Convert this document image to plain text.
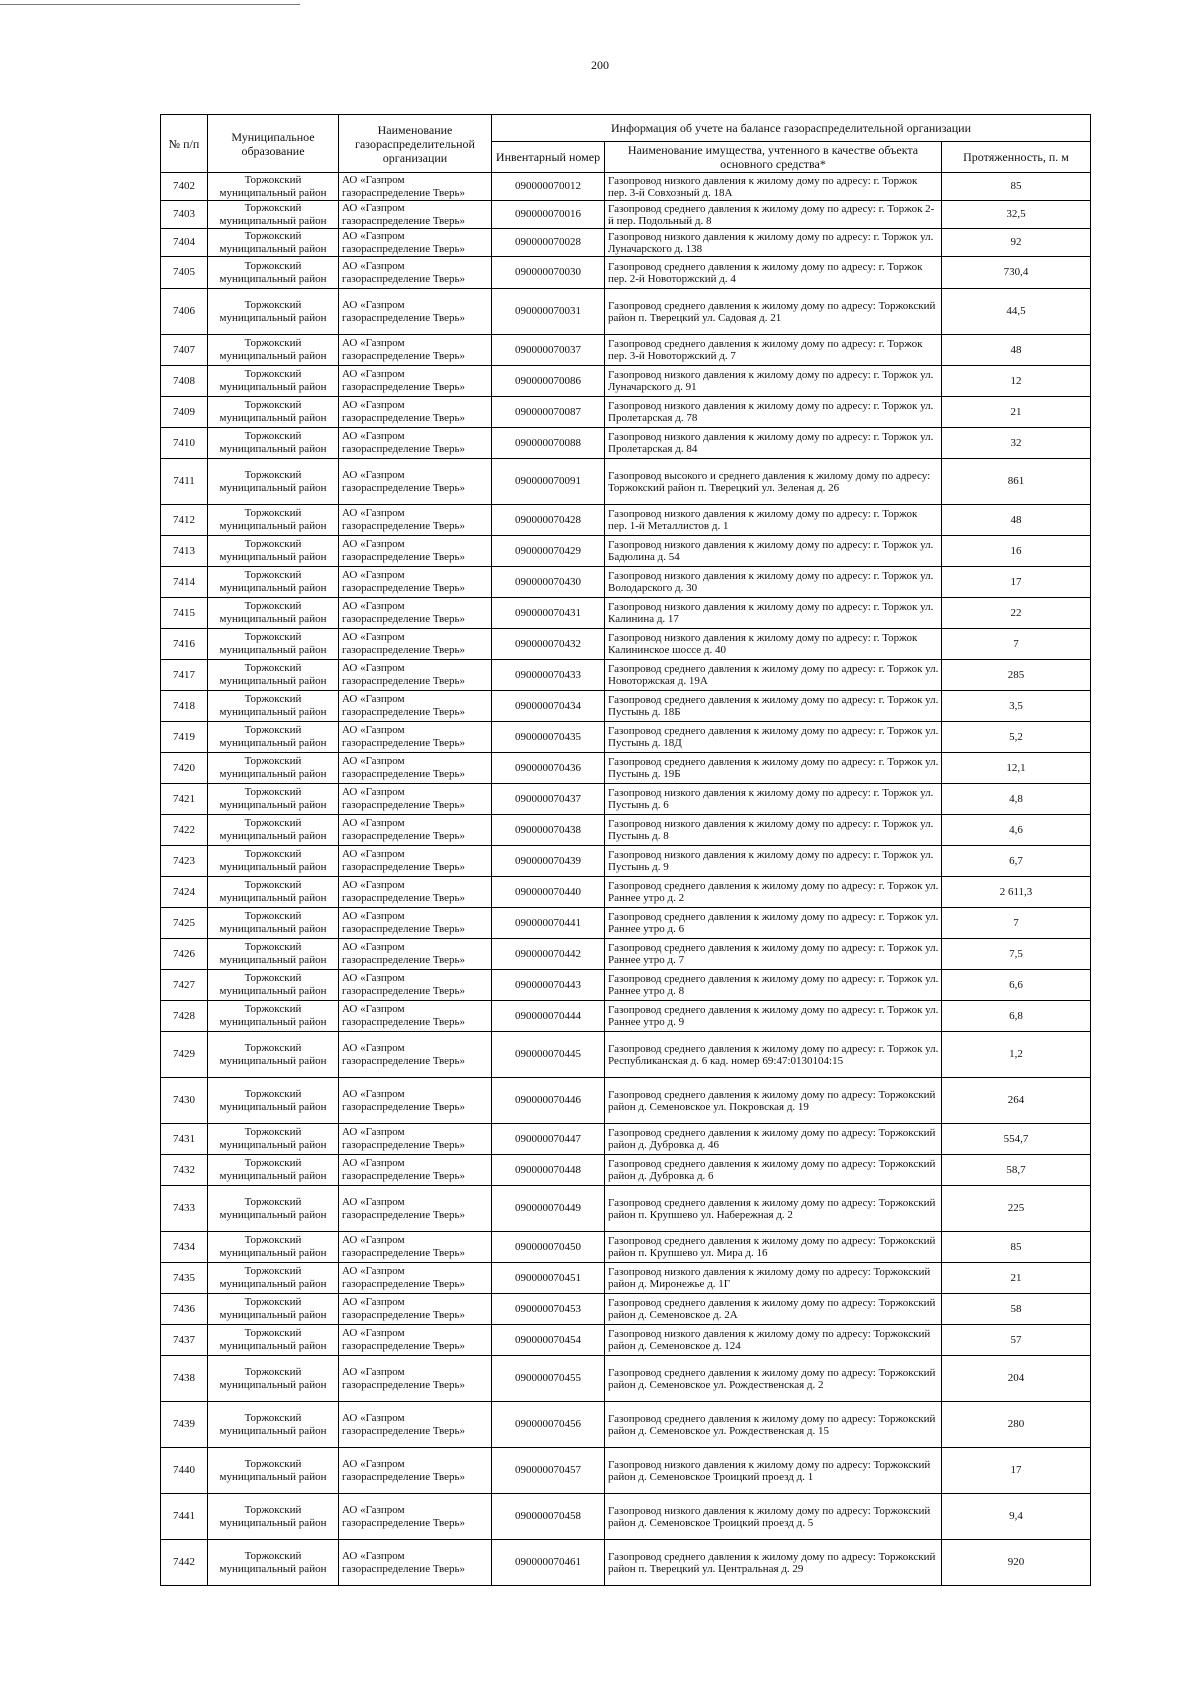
200
№ п/п	Муниципальное образование	Наименование газораспределительной организации	Информация об учете на балансе газораспределительной организации		
			Инвентарный номер	Наименование имущества, учтенного в качестве объекта основного средства*	Протяженность, п. м
7402	Торжокский муниципальный район	АО «Газпром газораспределение Тверь»	090000070012	Газопровод низкого давления к жилому дому по адресу: г. Торжок пер. 3-й Совхозный д. 18А	85
7403	Торжокский муниципальный район	АО «Газпром газораспределение Тверь»	090000070016	Газопровод среднего давления к жилому дому по адресу: г. Торжок 2-й пер. Подольный д. 8	32,5
7404	Торжокский муниципальный район	АО «Газпром газораспределение Тверь»	090000070028	Газопровод низкого давления к жилому дому по адресу: г. Торжок ул. Луначарского д. 138	92
7405	Торжокский муниципальный район	АО «Газпром газораспределение Тверь»	090000070030	Газопровод среднего давления к жилому дому по адресу: г. Торжок пер. 2-й Новоторжский д. 4	730,4
7406	Торжокский муниципальный район	АО «Газпром газораспределение Тверь»	090000070031	Газопровод среднего давления к жилому дому по адресу: Торжокский район п. Тверецкий ул. Садовая д. 21	44,5
7407	Торжокский муниципальный район	АО «Газпром газораспределение Тверь»	090000070037	Газопровод среднего давления к жилому дому по адресу: г. Торжок пер. 3-й Новоторжский д. 7	48
7408	Торжокский муниципальный район	АО «Газпром газораспределение Тверь»	090000070086	Газопровод низкого давления к жилому дому по адресу: г. Торжок ул. Луначарского д. 91	12
7409	Торжокский муниципальный район	АО «Газпром газораспределение Тверь»	090000070087	Газопровод низкого давления к жилому дому по адресу: г. Торжок ул. Пролетарская д. 78	21
7410	Торжокский муниципальный район	АО «Газпром газораспределение Тверь»	090000070088	Газопровод низкого давления к жилому дому по адресу: г. Торжок ул. Пролетарская д. 84	32
7411	Торжокский муниципальный район	АО «Газпром газораспределение Тверь»	090000070091	Газопровод высокого и среднего давления к жилому дому по адресу: Торжокский район п. Тверецкий ул. Зеленая д. 26	861
7412	Торжокский муниципальный район	АО «Газпром газораспределение Тверь»	090000070428	Газопровод низкого давления к жилому дому по адресу: г. Торжок пер. 1-й Металлистов д. 1	48
7413	Торжокский муниципальный район	АО «Газпром газораспределение Тверь»	090000070429	Газопровод низкого давления к жилому дому по адресу: г. Торжок ул. Бадюлина д. 54	16
7414	Торжокский муниципальный район	АО «Газпром газораспределение Тверь»	090000070430	Газопровод низкого давления к жилому дому по адресу: г. Торжок ул. Володарского д. 30	17
7415	Торжокский муниципальный район	АО «Газпром газораспределение Тверь»	090000070431	Газопровод низкого давления к жилому дому по адресу: г. Торжок ул. Калинина д. 17	22
7416	Торжокский муниципальный район	АО «Газпром газораспределение Тверь»	090000070432	Газопровод низкого давления к жилому дому по адресу: г. Торжок Калининское шоссе д. 40	7
7417	Торжокский муниципальный район	АО «Газпром газораспределение Тверь»	090000070433	Газопровод среднего давления к жилому дому по адресу: г. Торжок ул. Новоторжская д. 19А	285
7418	Торжокский муниципальный район	АО «Газпром газораспределение Тверь»	090000070434	Газопровод среднего давления к жилому дому по адресу: г. Торжок ул. Пустынь д. 18Б	3,5
7419	Торжокский муниципальный район	АО «Газпром газораспределение Тверь»	090000070435	Газопровод среднего давления к жилому дому по адресу: г. Торжок ул. Пустынь д. 18Д	5,2
7420	Торжокский муниципальный район	АО «Газпром газораспределение Тверь»	090000070436	Газопровод среднего давления к жилому дому по адресу: г. Торжок ул. Пустынь д. 19Б	12,1
7421	Торжокский муниципальный район	АО «Газпром газораспределение Тверь»	090000070437	Газопровод низкого давления к жилому дому по адресу: г. Торжок ул. Пустынь д. 6	4,8
7422	Торжокский муниципальный район	АО «Газпром газораспределение Тверь»	090000070438	Газопровод низкого давления к жилому дому по адресу: г. Торжок ул. Пустынь д. 8	4,6
7423	Торжокский муниципальный район	АО «Газпром газораспределение Тверь»	090000070439	Газопровод низкого давления к жилому дому по адресу: г. Торжок ул. Пустынь д. 9	6,7
7424	Торжокский муниципальный район	АО «Газпром газораспределение Тверь»	090000070440	Газопровод среднего давления к жилому дому по адресу: г. Торжок ул. Раннее утро д. 2	2 611,3
7425	Торжокский муниципальный район	АО «Газпром газораспределение Тверь»	090000070441	Газопровод среднего давления к жилому дому по адресу: г. Торжок ул. Раннее утро д. 6	7
7426	Торжокский муниципальный район	АО «Газпром газораспределение Тверь»	090000070442	Газопровод среднего давления к жилому дому по адресу: г. Торжок ул. Раннее утро д. 7	7,5
7427	Торжокский муниципальный район	АО «Газпром газораспределение Тверь»	090000070443	Газопровод среднего давления к жилому дому по адресу: г. Торжок ул. Раннее утро д. 8	6,6
7428	Торжокский муниципальный район	АО «Газпром газораспределение Тверь»	090000070444	Газопровод среднего давления к жилому дому по адресу: г. Торжок ул. Раннее утро д. 9	6,8
7429	Торжокский муниципальный район	АО «Газпром газораспределение Тверь»	090000070445	Газопровод среднего давления к жилому дому по адресу: г. Торжок ул. Республиканская д. 6 кад. номер 69:47:0130104:15	1,2
7430	Торжокский муниципальный район	АО «Газпром газораспределение Тверь»	090000070446	Газопровод среднего давления к жилому дому по адресу: Торжокский район д. Семеновское ул. Покровская д. 19	264
7431	Торжокский муниципальный район	АО «Газпром газораспределение Тверь»	090000070447	Газопровод среднего давления к жилому дому по адресу: Торжокский район д. Дубровка д. 46	554,7
7432	Торжокский муниципальный район	АО «Газпром газораспределение Тверь»	090000070448	Газопровод среднего давления к жилому дому по адресу: Торжокский район д. Дубровка д. 6	58,7
7433	Торжокский муниципальный район	АО «Газпром газораспределение Тверь»	090000070449	Газопровод среднего давления к жилому дому по адресу: Торжокский район п. Крупшево ул. Набережная д. 2	225
7434	Торжокский муниципальный район	АО «Газпром газораспределение Тверь»	090000070450	Газопровод среднего давления к жилому дому по адресу: Торжокский район п. Крупшево ул. Мира д. 16	85
7435	Торжокский муниципальный район	АО «Газпром газораспределение Тверь»	090000070451	Газопровод низкого давления к жилому дому по адресу: Торжокский район д. Миронежье д. 1Г	21
7436	Торжокский муниципальный район	АО «Газпром газораспределение Тверь»	090000070453	Газопровод среднего давления к жилому дому по адресу: Торжокский район д. Семеновское д. 2А	58
7437	Торжокский муниципальный район	АО «Газпром газораспределение Тверь»	090000070454	Газопровод низкого давления к жилому дому по адресу: Торжокский район д. Семеновское д. 124	57
7438	Торжокский муниципальный район	АО «Газпром газораспределение Тверь»	090000070455	Газопровод среднего давления к жилому дому по адресу: Торжокский район д. Семеновское ул. Рождественская д. 2	204
7439	Торжокский муниципальный район	АО «Газпром газораспределение Тверь»	090000070456	Газопровод среднего давления к жилому дому по адресу: Торжокский район д. Семеновское ул. Рождественская д. 15	280
7440	Торжокский муниципальный район	АО «Газпром газораспределение Тверь»	090000070457	Газопровод низкого давления к жилому дому по адресу: Торжокский район д. Семеновское Троицкий проезд д. 1	17
7441	Торжокский муниципальный район	АО «Газпром газораспределение Тверь»	090000070458	Газопровод низкого давления к жилому дому по адресу: Торжокский район д. Семеновское Троицкий проезд д. 5	9,4
7442	Торжокский муниципальный район	АО «Газпром газораспределение Тверь»	090000070461	Газопровод среднего давления к жилому дому по адресу: Торжокский район п. Тверецкий ул. Центральная д. 29	920
